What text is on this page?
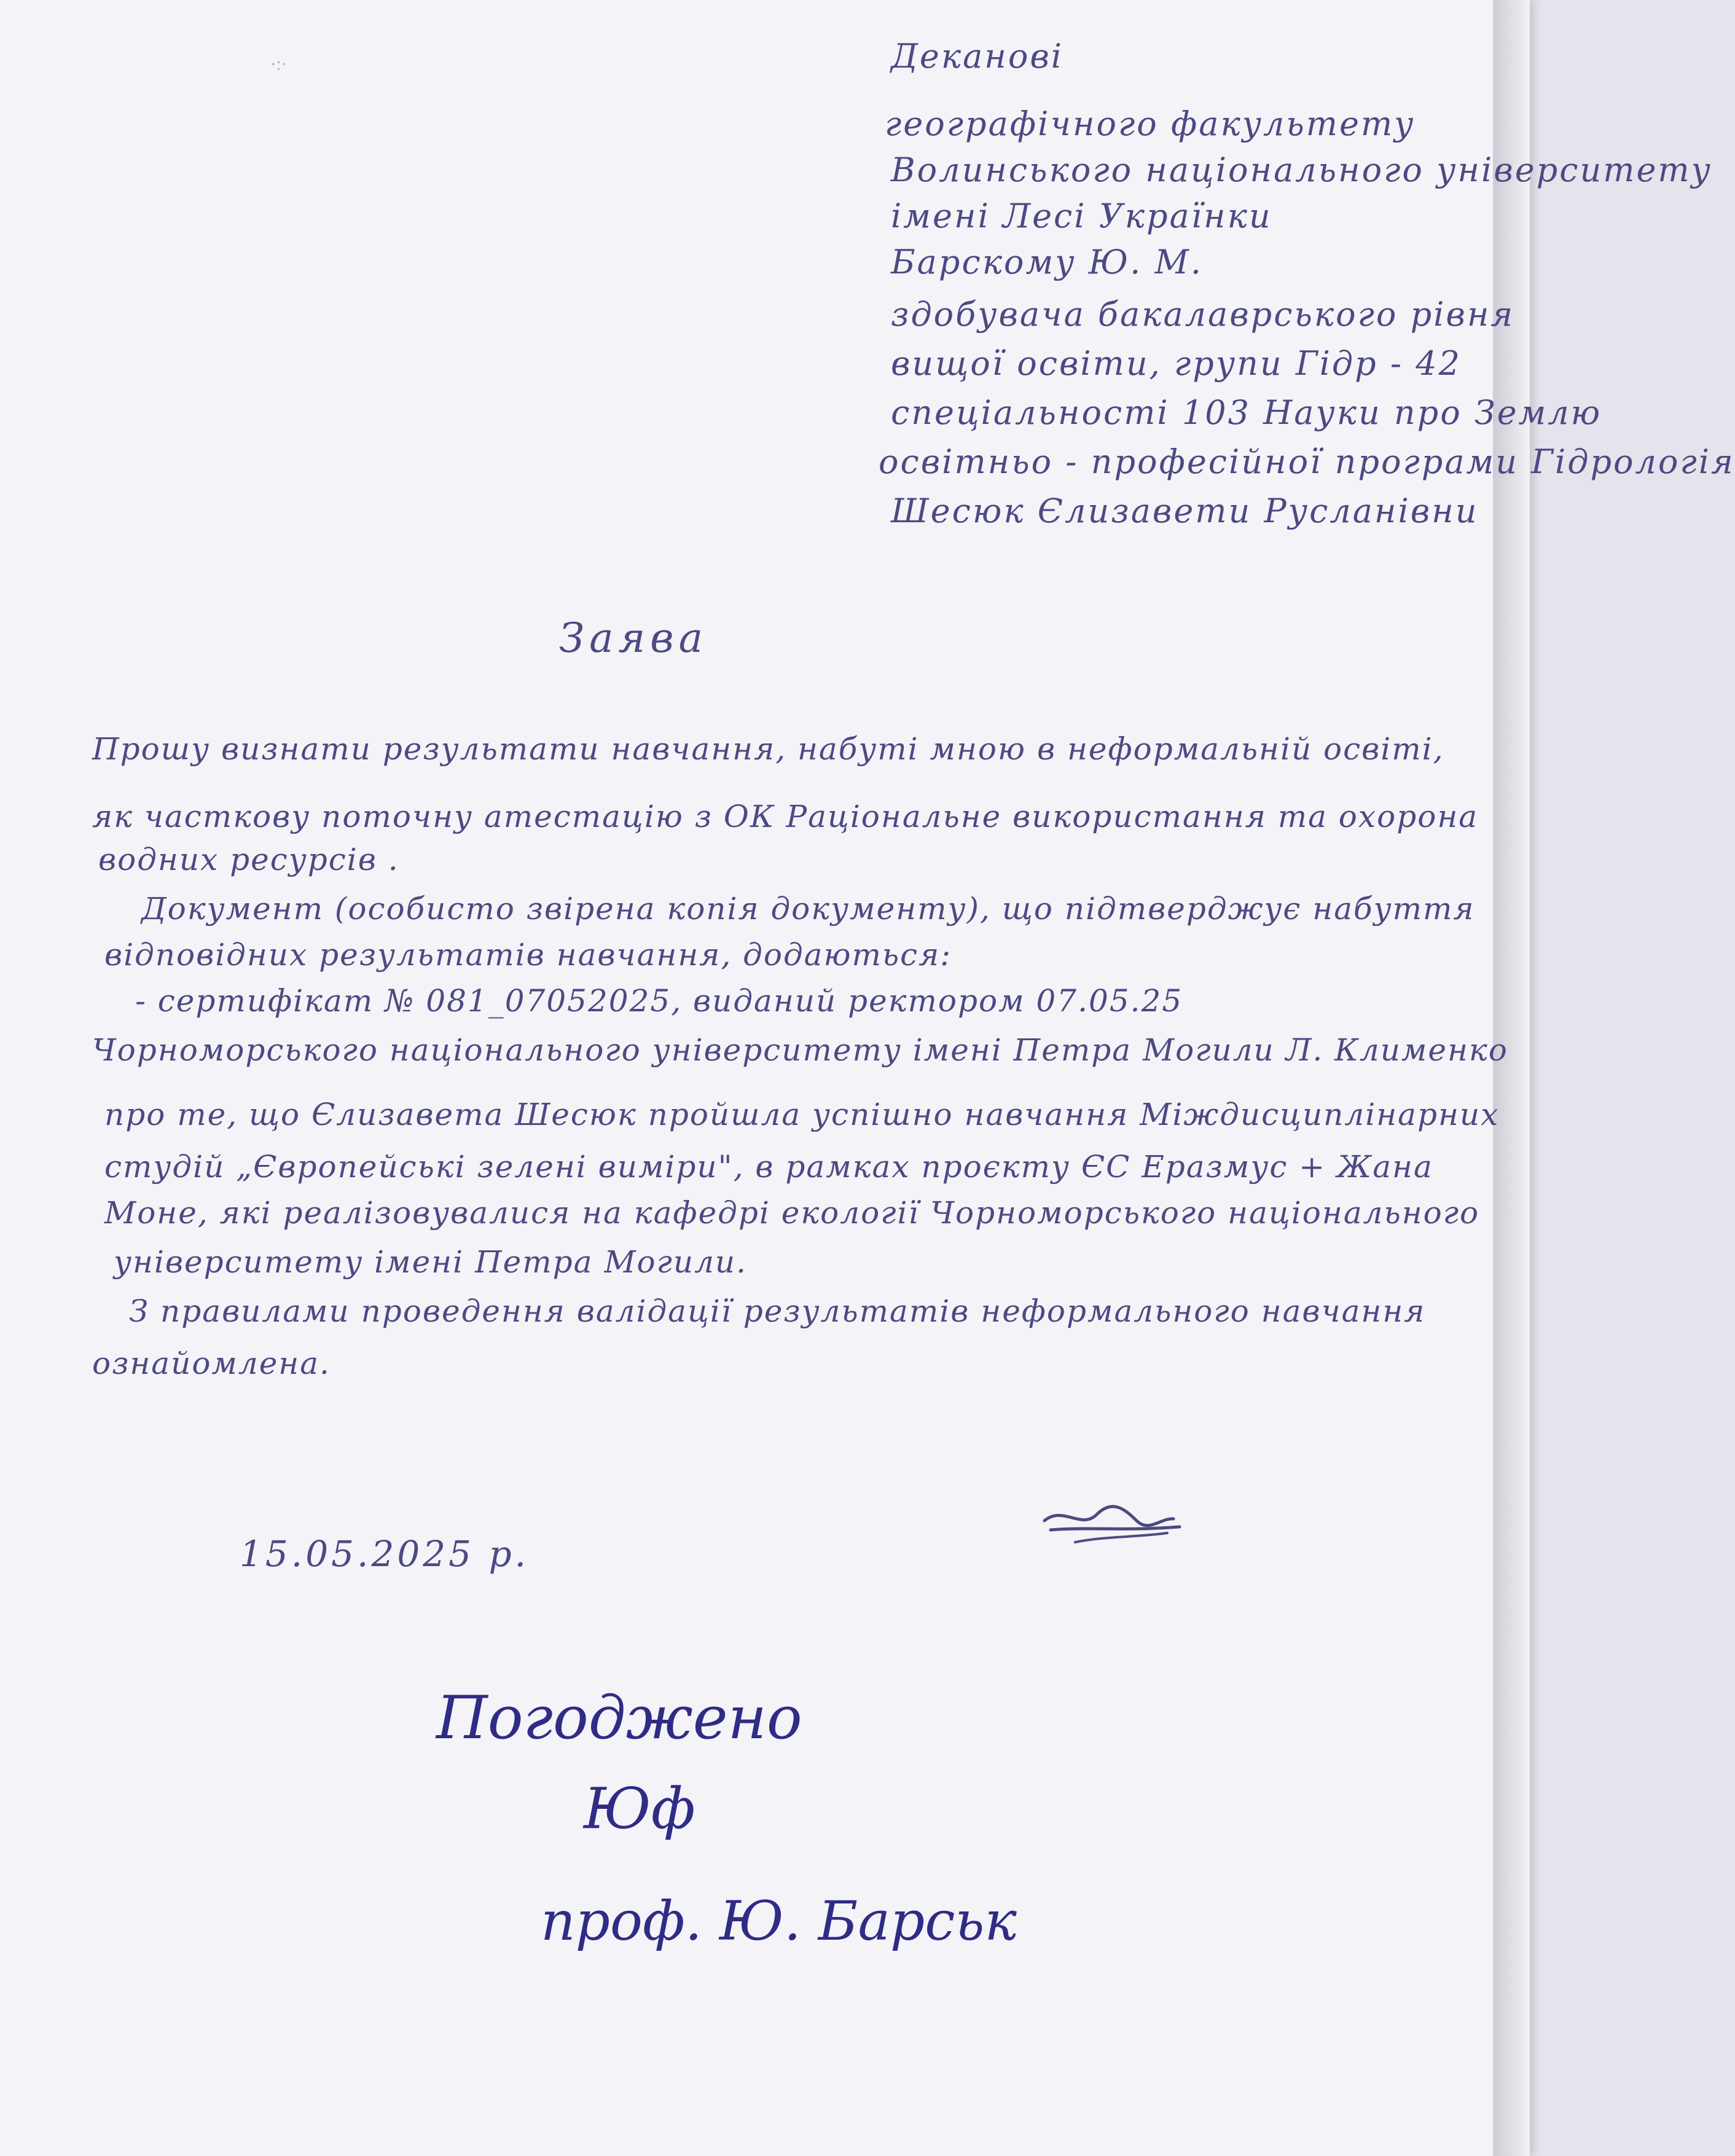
·:·	Деканові
географічного факультету
Волинського національного університету
імені Лесі Українки
Барскому Ю. М.
здобувача бакалаврського рівня
вищої освіти, групи Гідр - 42
спеціальності 103 Науки про Землю
освітньо - професійної програми Гідрологія
Шесюк Єлизавети Русланівни
Заява
Прошу визнати результати навчання, набуті мною в неформальній освіті,
як часткову поточну атестацію з ОК Раціональне використання та охорона
водних ресурсів .
Документ (особисто звірена копія документу), що підтверджує набуття
відповідних результатів навчання, додаються:
- сертифікат № 081_07052025, виданий ректором 07.05.25
Чорноморського національного університету імені Петра Могили Л. Клименко
про те, що Єлизавета Шесюк пройшла успішно навчання Міждисциплінарних
студій „Європейські зелені виміри", в рамках проєкту ЄС Еразмус + Жана
Моне, які реалізовувалися на кафедрі екології Чорноморського національного
університету імені Петра Могили.
З правилами проведення валідації результатів неформального навчання
ознайомлена.
15.05.2025 р.
Погоджено
Юф
проф. Ю. Барськ
